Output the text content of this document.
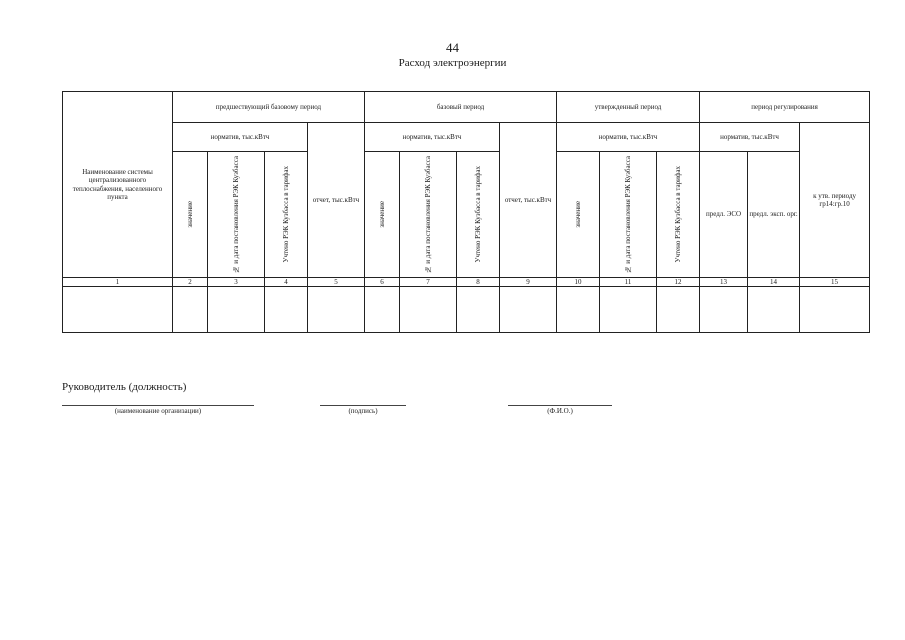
44
Расход электроэнергии
Наименование системы централизованного теплоснабжения, населенного пункта	предшествующий базовому период				базовый период				утвержденный период			период регулирования		
	норматив, тыс.кВтч			отчет, тыс.кВтч	норматив, тыс.кВтч			отчет, тыс.кВтч	норматив, тыс.кВтч			норматив, тыс.кВтч		к утв. периоду гр14:гр.10

	значение	№ и дата постановления РЭК Кузбасса	Учтено РЭК Кузбасса в тарифах		значение	№ и дата постановления РЭК Кузбасса	Учтено РЭК Кузбасса в тарифах		значение	№ и дата постановления РЭК Кузбасса	Учтено РЭК Кузбасса в тарифах	предл. ЭСО	предл. эксп. орг.	
1	2	3	4	5	6	7	8	9	10	11	12	13	14	15

Руководитель (должность)
(наименование организации)	(подпись)	(Ф.И.О.)
